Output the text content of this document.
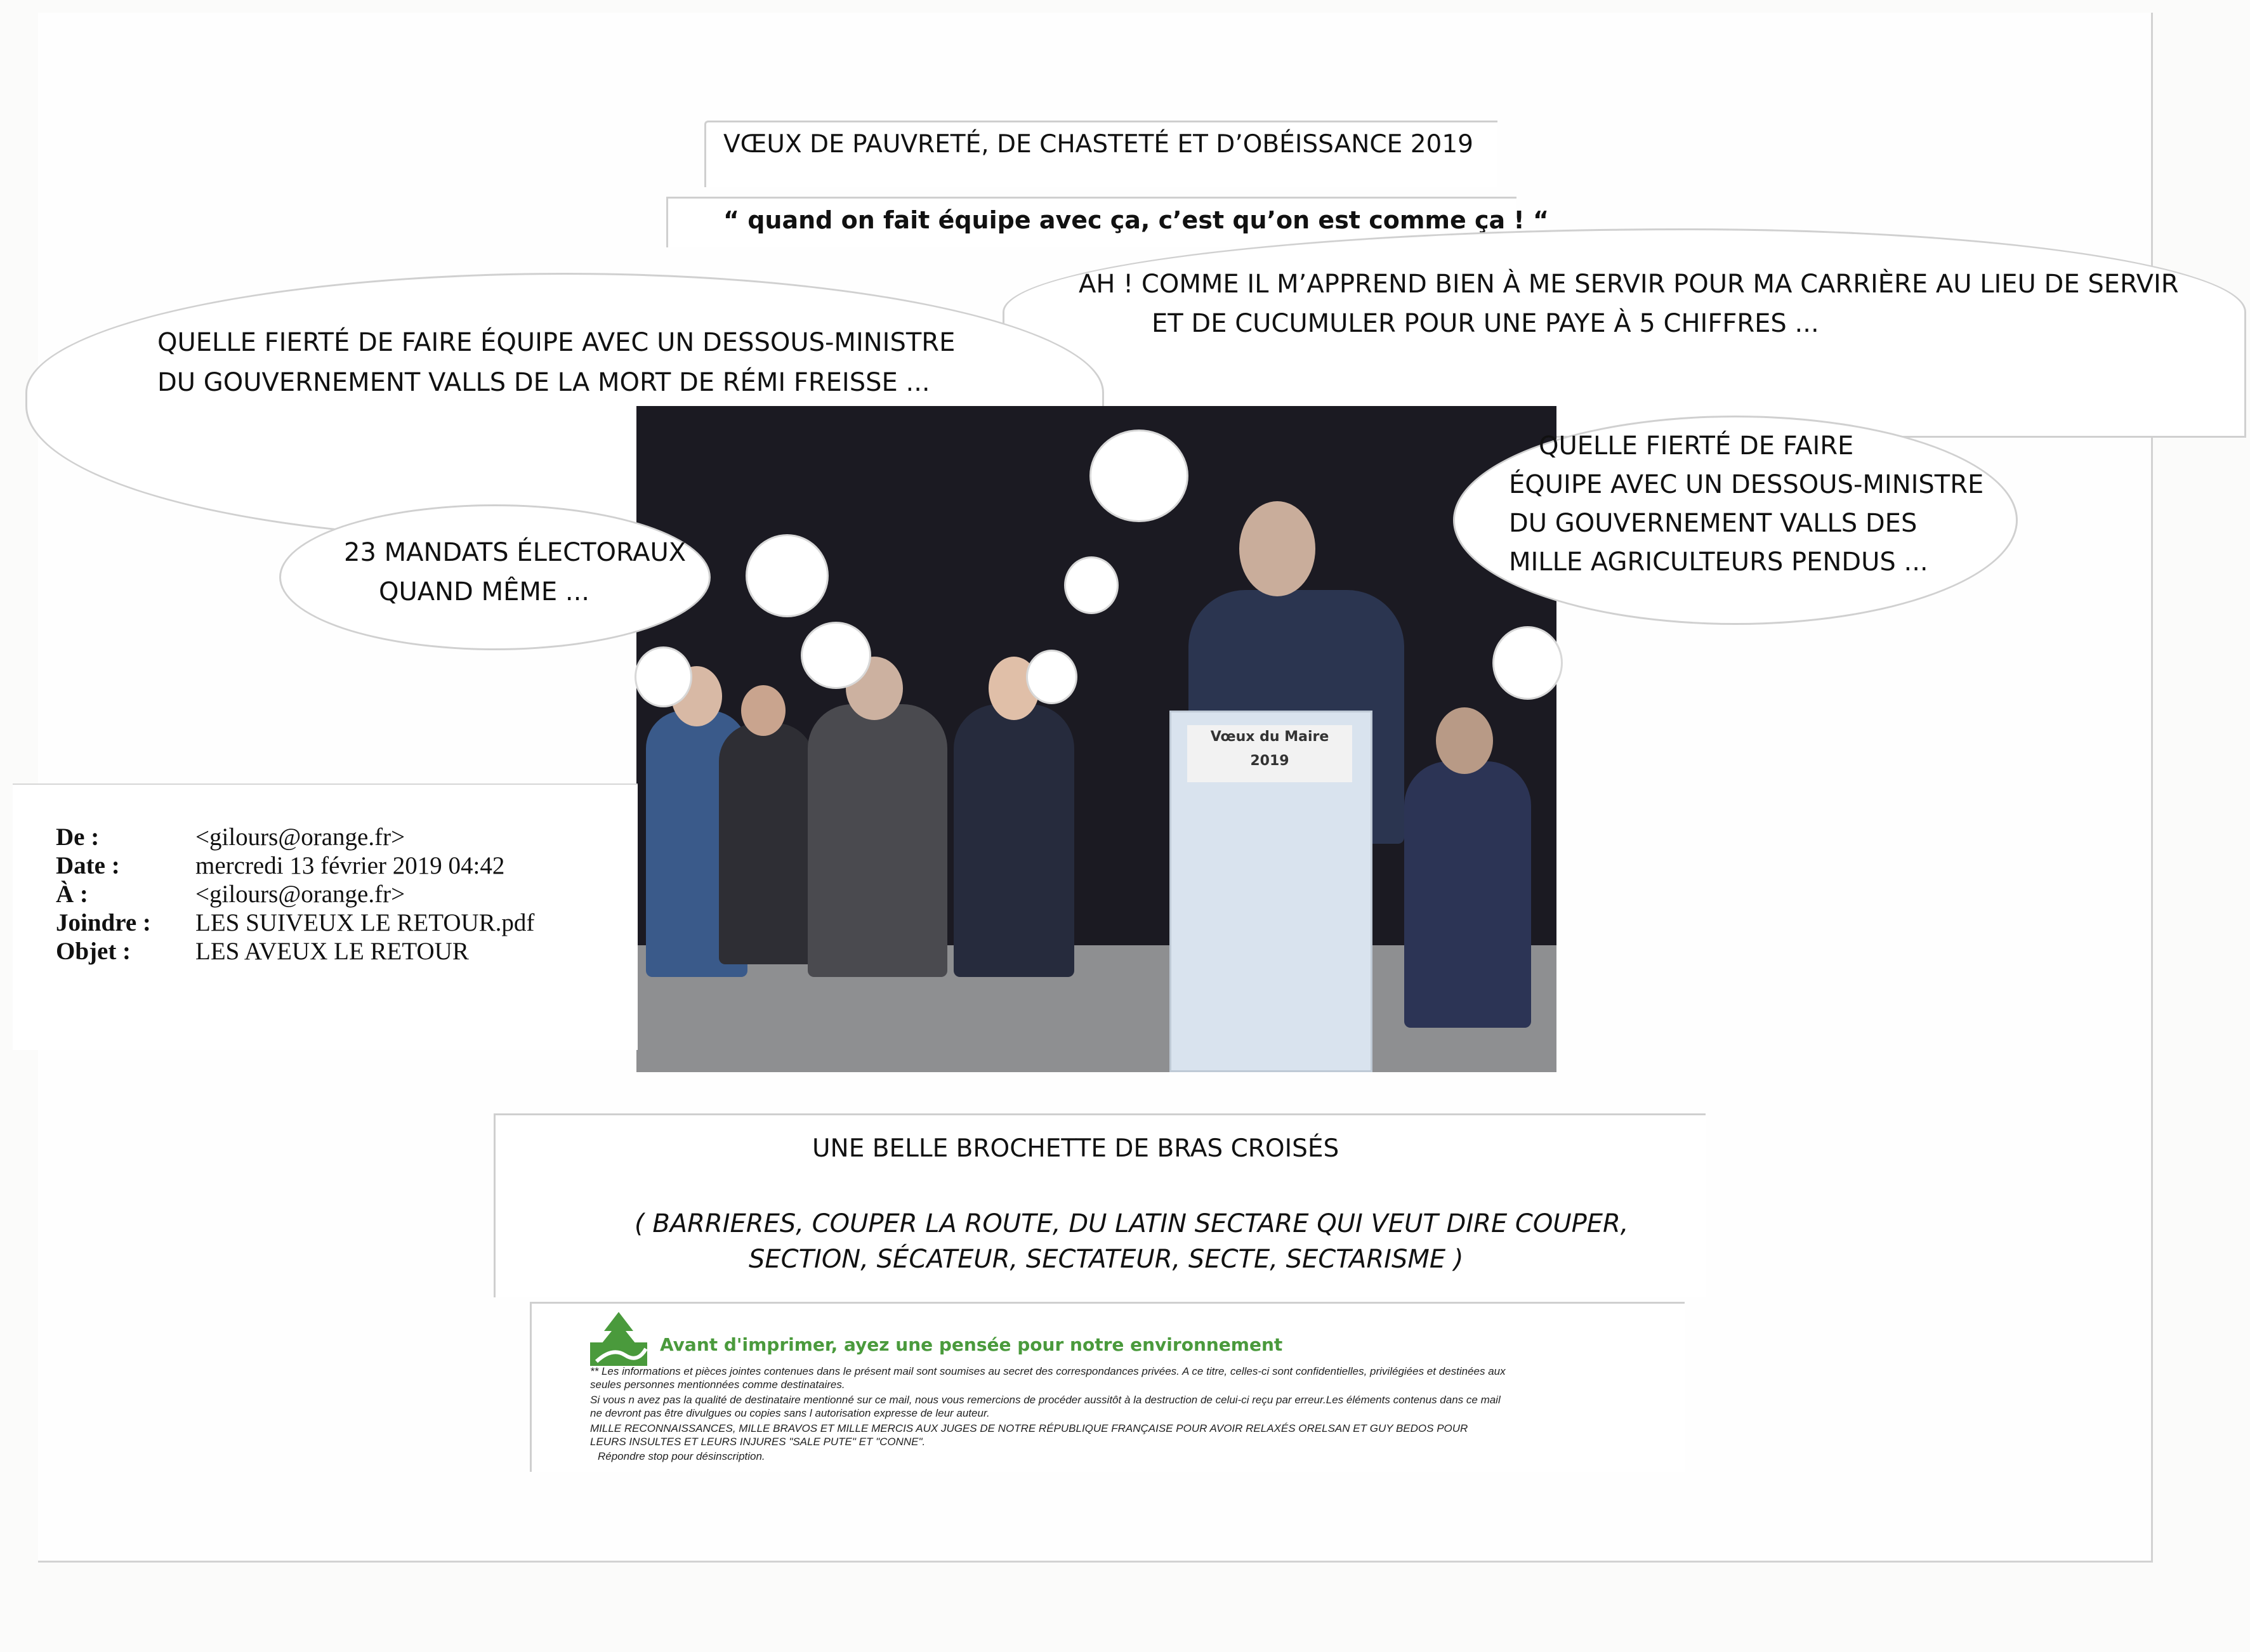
VŒUX DE PAUVRETÉ, DE CHASTETÉ ET D’OBÉISSANCE 2019
“ quand on fait équipe avec ça, c’est qu’on est comme ça ! “
AH ! COMME IL M’APPREND BIEN À ME SERVIR POUR MA CARRIÈRE AU LIEU DE SERVIR
ET DE CUCUMULER POUR UNE PAYE À 5 CHIFFRES ...
QUELLE FIERTÉ DE FAIRE ÉQUIPE AVEC UN DESSOUS-MINISTRE
DU GOUVERNEMENT VALLS DE LA MORT DE RÉMI FREISSE ...
Vœux du Maire
2019
23 MANDATS ÉLECTORAUX
QUAND MÊME ...
QUELLE FIERTÉ DE FAIRE
ÉQUIPE AVEC UN DESSOUS-MINISTRE
DU GOUVERNEMENT VALLS DES
MILLE AGRICULTEURS PENDUS ...
De :	<gilours@orange.fr>
Date :	mercredi 13 février 2019 04:42
À :	<gilours@orange.fr>
Joindre : LES SUIVEUX LE RETOUR.pdf
Objet :	LES AVEUX LE RETOUR
UNE BELLE BROCHETTE DE BRAS CROISÉS
( BARRIERES, COUPER LA ROUTE, DU LATIN SECTARE QUI VEUT DIRE COUPER,
SECTION, SÉCATEUR, SECTATEUR, SECTE, SECTARISME )
Avant d'imprimer, ayez une pensée pour notre environnement
** Les informations et pièces jointes contenues dans le présent mail sont soumises au secret des correspondances privées. A ce titre, celles-ci sont confidentielles, privilégiées et destinées aux
seules personnes mentionnées comme destinataires.
Si vous n avez pas la qualité de destinataire mentionné sur ce mail, nous vous remercions de procéder aussitôt à la destruction de celui-ci reçu par erreur.Les éléments contenus dans ce mail
ne devront pas être divulgues ou copies sans l autorisation expresse de leur auteur.
MILLE RECONNAISSANCES, MILLE BRAVOS ET MILLE MERCIS AUX JUGES DE NOTRE RÉPUBLIQUE FRANÇAISE POUR AVOIR RELAXÉS ORELSAN ET GUY BEDOS POUR
LEURS INSULTES ET LEURS INJURES "SALE PUTE" ET "CONNE".
Répondre stop pour désinscription.
